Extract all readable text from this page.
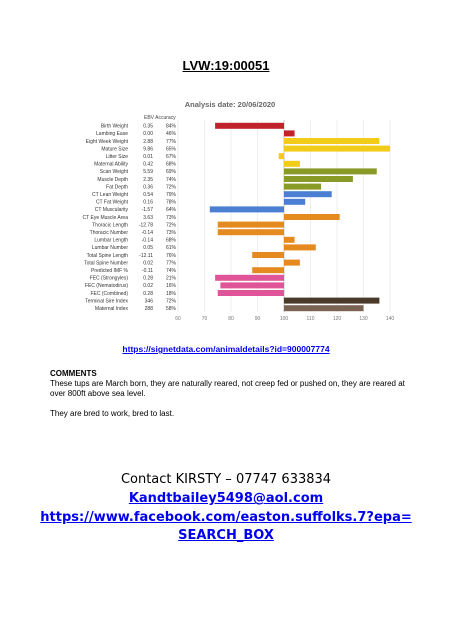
LVW:19:00051
Analysis date: 20/06/2020
EBV Accuracy
60	70	80	90	100	110	120	130	140
Birth Weight	0.35	84%
Lambing Ease	0.00	46%
Eight Week Weight	2.88	77%
Mature Size	9.86	65%
Litter Size	0.01	67%
Maternal Ability	0.42	68%
Scan Weight	5.59	69%
Muscle Depth	2.35	74%
Fat Depth	0.36	72%
CT Lean Weight	0.54	79%
CT Fat Weight	0.16	78%
CT Muscularity	-1.57	64%
CT Eye Muscle Area	3.63	73%
Thoracic Length -12.78	72%
Thoracic Number	-0.14	73%
Lumbar Length	-0.14	68%
Lumbar Number	0.05	61%
Total Spine Length -12.11	76%
Total Spine Number	0.02	77%
Predicted IMF %	-0.11	74%
FEC (Strongyles)	0.28	21%
FEC (Nematodirus)	0.02	16%
FEC (Combined)	0.28	18%
Terminal Sire Index	346	72%
Maternal Index	288	58%
https://signetdata.com/animaldetails?id=900007774
COMMENTS
These tups are March born, they are naturally reared, not creep fed or pushed on, they are reared at over 800ft above sea level.
They are bred to work, bred to last.
Contact KIRSTY – 07747 633834
Kandtbailey5498@aol.com
https://www.facebook.com/easton.suffolks.7?epa=
SEARCH_BOX
